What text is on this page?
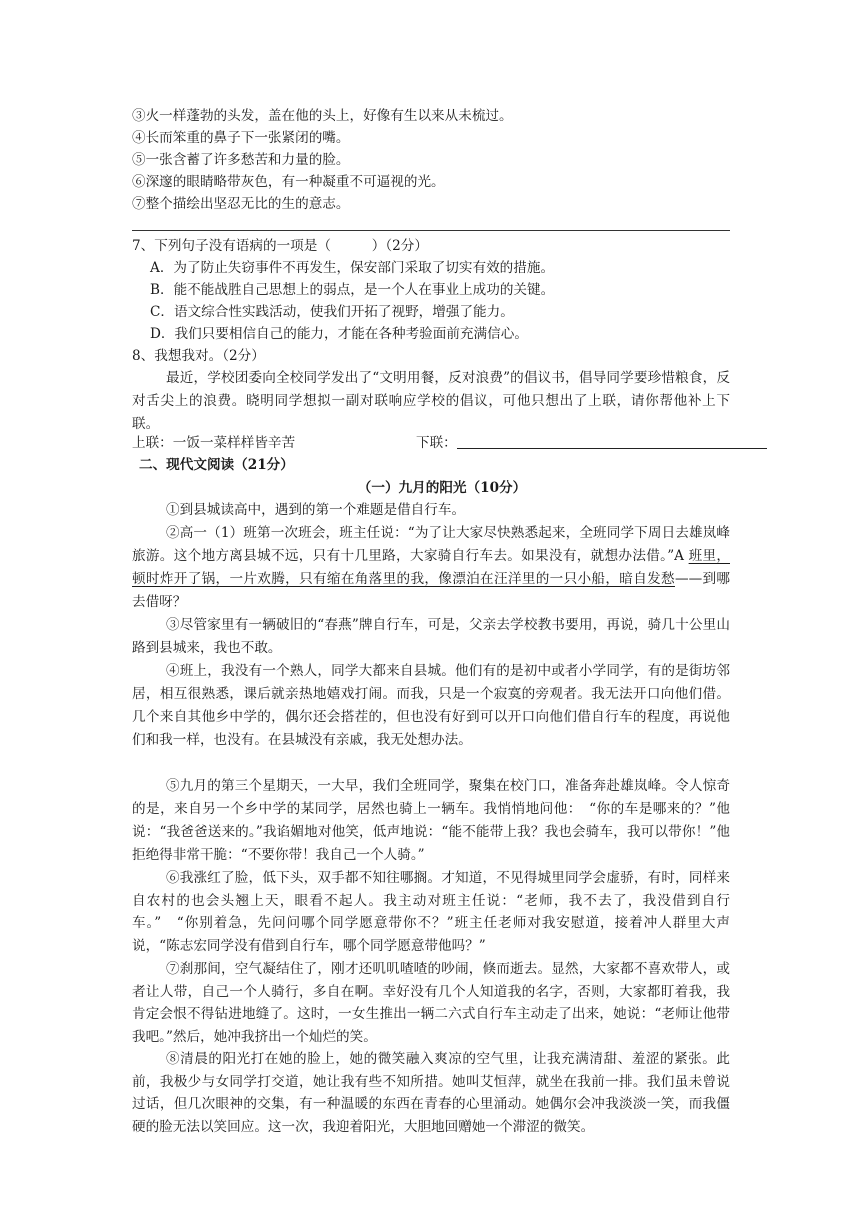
③火一样蓬勃的头发，盖在他的头上，好像有生以来从未梳过。
④长而笨重的鼻子下一张紧闭的嘴。
⑤一张含蓄了许多愁苦和力量的脸。
⑥深邃的眼睛略带灰色，有一种凝重不可逼视的光。
⑦整个描绘出坚忍无比的生的意志。
7、下列句子没有语病的一项是（　　　）（2分）
A．为了防止失窃事件不再发生，保安部门采取了切实有效的措施。
B．能不能战胜自己思想上的弱点，是一个人在事业上成功的关键。
C．语文综合性实践活动，使我们开拓了视野，增强了能力。
D．我们只要相信自己的能力，才能在各种考验面前充满信心。
8、我想我对。（2分）
最近，学校团委向全校同学发出了“文明用餐，反对浪费”的倡议书，倡导同学要珍惜粮食，反对舌尖上的浪费。晓明同学想拟一副对联响应学校的倡议，可他只想出了上联，请你帮他补上下联。
上联：一饭一菜样样皆辛苦	下联：
二、现代文阅读（21分）
（一）九月的阳光（10分）
①到县城读高中，遇到的第一个难题是借自行车。
②高一（1）班第一次班会，班主任说：“为了让大家尽快熟悉起来，全班同学下周日去雄岚峰旅游。这个地方离县城不远，只有十几里路，大家骑自行车去。如果没有，就想办法借。”A 班里，顿时炸开了锅，一片欢腾，只有缩在角落里的我，像漂泊在汪洋里的一只小船，暗自发愁——到哪去借呀？
③尽管家里有一辆破旧的“春燕”牌自行车，可是，父亲去学校教书要用，再说，骑几十公里山路到县城来，我也不敢。
④班上，我没有一个熟人，同学大都来自县城。他们有的是初中或者小学同学，有的是街坊邻居，相互很熟悉，课后就亲热地嬉戏打闹。而我，只是一个寂寞的旁观者。我无法开口向他们借。几个来自其他乡中学的，偶尔还会搭茬的，但也没有好到可以开口向他们借自行车的程度，再说他们和我一样，也没有。在县城没有亲戚，我无处想办法。
⑤九月的第三个星期天，一大早，我们全班同学，聚集在校门口，准备奔赴雄岚峰。令人惊奇的是，来自另一个乡中学的某同学，居然也骑上一辆车。我悄悄地问他：　“你的车是哪来的？”他说：“我爸爸送来的。”我谄媚地对他笑，低声地说：“能不能带上我？我也会骑车，我可以带你！”他拒绝得非常干脆：“不要你带！我自己一个人骑。”
⑥我涨红了脸，低下头，双手都不知往哪搁。才知道，不见得城里同学会虚骄，有时，同样来自农村的也会头翘上天，眼看不起人。我主动对班主任说：“老师，我不去了，我没借到自行车。”　“你别着急，先问问哪个同学愿意带你不？”班主任老师对我安慰道，接着冲人群里大声说，“陈志宏同学没有借到自行车，哪个同学愿意带他吗？”
⑦刹那间，空气凝结住了，刚才还叽叽喳喳的吵闹，倏而逝去。显然，大家都不喜欢带人，或者让人带，自己一个人骑行，多自在啊。幸好没有几个人知道我的名字，否则，大家都盯着我，我肯定会恨不得钻进地缝了。这时，一女生推出一辆二六式自行车主动走了出来，她说：“老师让他带我吧。”然后，她冲我挤出一个灿烂的笑。
⑧清晨的阳光打在她的脸上，她的微笑融入爽凉的空气里，让我充满清甜、羞涩的紧张。此前，我极少与女同学打交道，她让我有些不知所措。她叫艾恒萍，就坐在我前一排。我们虽未曾说过话，但几次眼神的交集，有一种温暖的东西在青春的心里涌动。她偶尔会冲我淡淡一笑，而我僵硬的脸无法以笑回应。这一次，我迎着阳光，大胆地回赠她一个滞涩的微笑。
